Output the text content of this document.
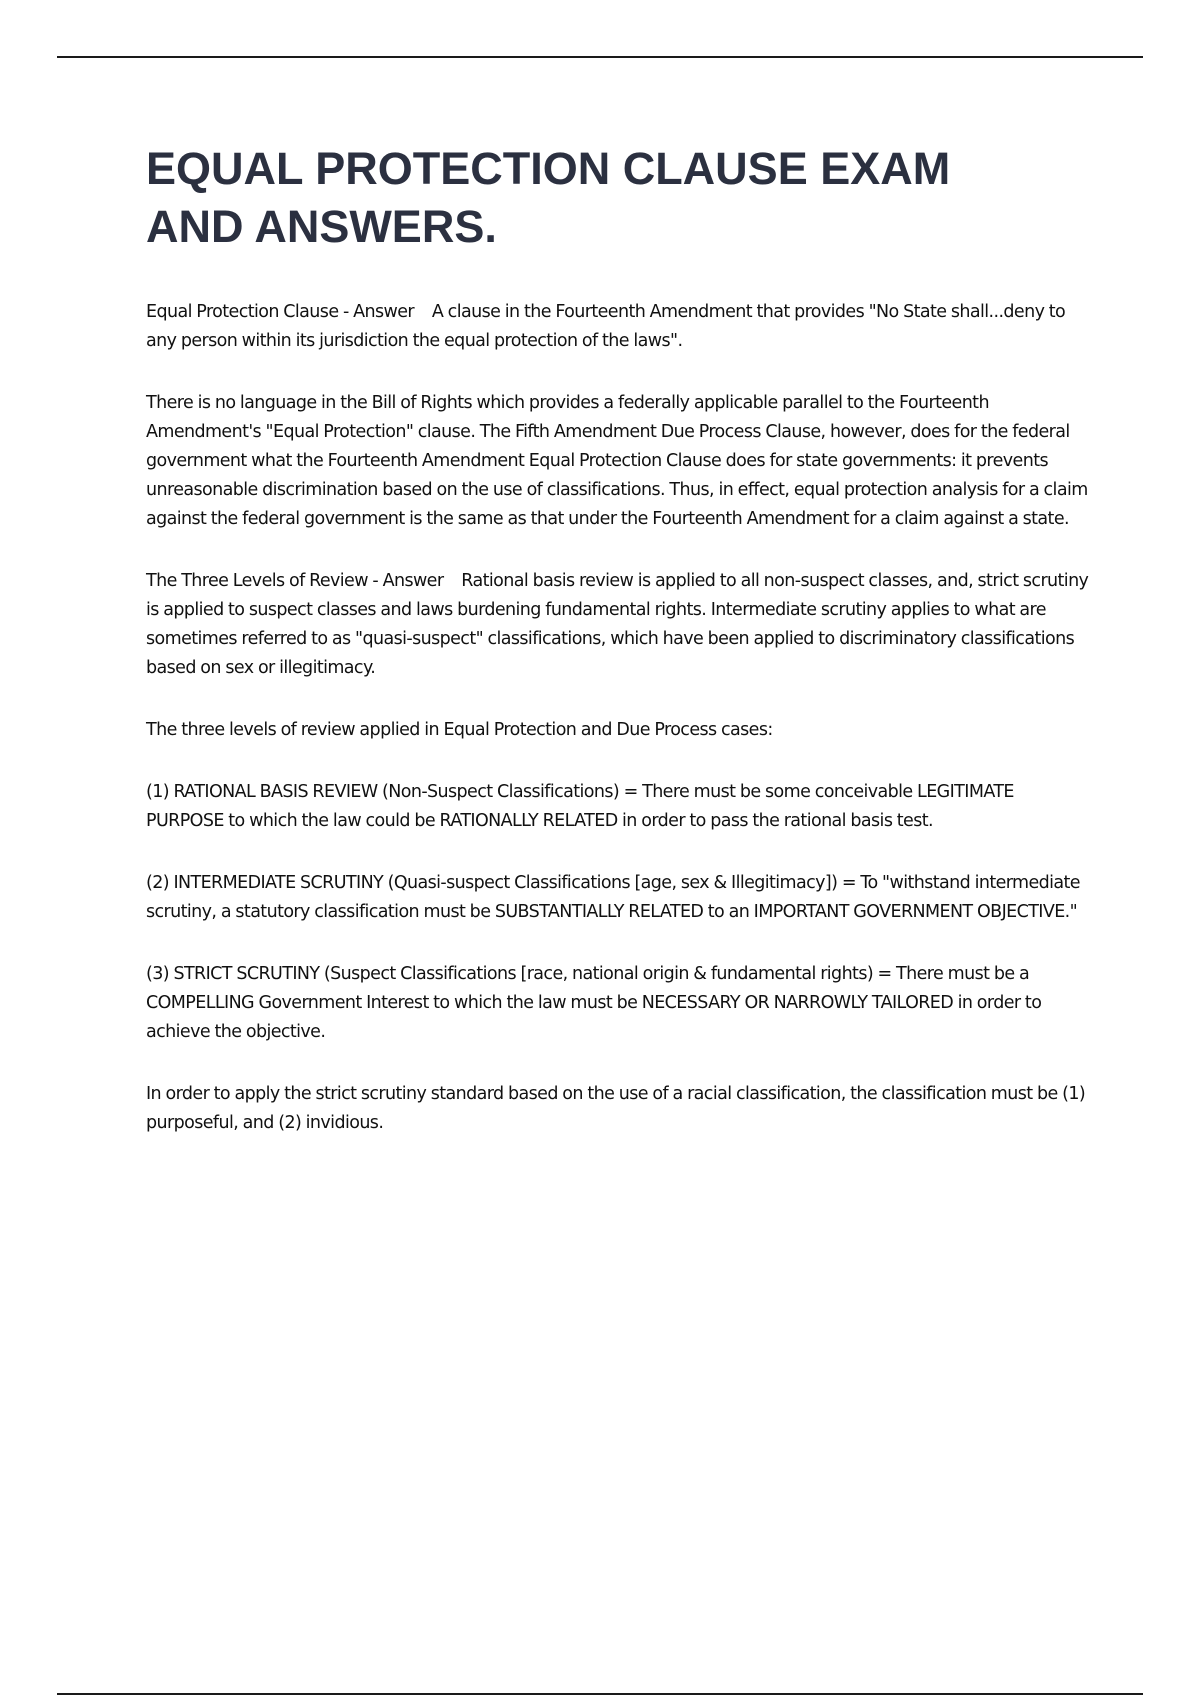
EQUAL PROTECTION CLAUSE EXAM
AND ANSWERS.

Equal Protection Clause - Answer A clause in the Fourteenth Amendment that provides "No State shall...deny to any person within its jurisdiction the equal protection of the laws".

There is no language in the Bill of Rights which provides a federally applicable parallel to the Fourteenth Amendment's "Equal Protection" clause. The Fifth Amendment Due Process Clause, however, does for the federal government what the Fourteenth Amendment Equal Protection Clause does for state governments: it prevents unreasonable discrimination based on the use of classifications. Thus, in effect, equal protection analysis for a claim against the federal government is the same as that under the Fourteenth Amendment for a claim against a state.

The Three Levels of Review - Answer Rational basis review is applied to all non-suspect classes, and, strict scrutiny is applied to suspect classes and laws burdening fundamental rights. Intermediate scrutiny applies to what are sometimes referred to as "quasi-suspect" classifications, which have been applied to discriminatory classifications based on sex or illegitimacy.

The three levels of review applied in Equal Protection and Due Process cases:

(1) RATIONAL BASIS REVIEW (Non-Suspect Classifications) = There must be some conceivable LEGITIMATE PURPOSE to which the law could be RATIONALLY RELATED in order to pass the rational basis test.

(2) INTERMEDIATE SCRUTINY (Quasi-suspect Classifications [age, sex & Illegitimacy]) = To "withstand intermediate scrutiny, a statutory classification must be SUBSTANTIALLY RELATED to an IMPORTANT GOVERNMENT OBJECTIVE."

(3) STRICT SCRUTINY (Suspect Classifications [race, national origin & fundamental rights) = There must be a COMPELLING Government Interest to which the law must be NECESSARY OR NARROWLY TAILORED in order to achieve the objective.

In order to apply the strict scrutiny standard based on the use of a racial classification, the classification must be (1) purposeful, and (2) invidious.
